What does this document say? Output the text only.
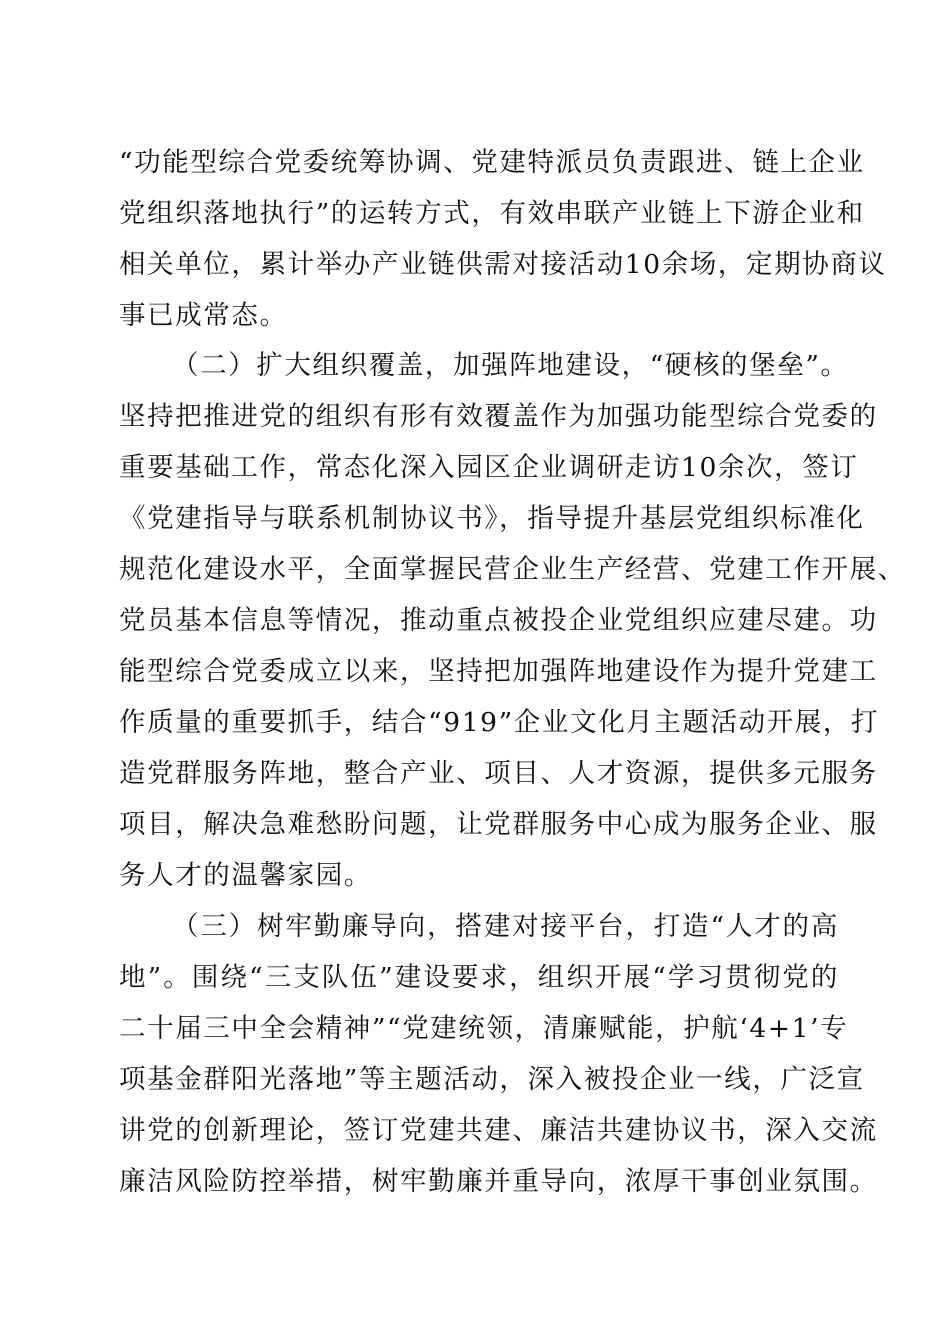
“功能型综合党委统筹协调、党建特派员负责跟进、链上企业
党组织落地执行”的运转方式，有效串联产业链上下游企业和
相关单位，累计举办产业链供需对接活动10余场，定期协商议
事已成常态。
（二）扩大组织覆盖，加强阵地建设，“硬核的堡垒”。
坚持把推进党的组织有形有效覆盖作为加强功能型综合党委的
重要基础工作，常态化深入园区企业调研走访10余次，签订
《党建指导与联系机制协议书》，指导提升基层党组织标准化
规范化建设水平，全面掌握民营企业生产经营、党建工作开展、
党员基本信息等情况，推动重点被投企业党组织应建尽建。功
能型综合党委成立以来，坚持把加强阵地建设作为提升党建工
作质量的重要抓手，结合“919”企业文化月主题活动开展，打
造党群服务阵地，整合产业、项目、人才资源，提供多元服务
项目，解决急难愁盼问题，让党群服务中心成为服务企业、服
务人才的温馨家园。
（三）树牢勤廉导向，搭建对接平台，打造“人才的高
地”。围绕“三支队伍”建设要求，组织开展“学习贯彻党的
二十届三中全会精神”“党建统领，清廉赋能，护航‘4+1’专
项基金群阳光落地”等主题活动，深入被投企业一线，广泛宣
讲党的创新理论，签订党建共建、廉洁共建协议书，深入交流
廉洁风险防控举措，树牢勤廉并重导向，浓厚干事创业氛围。
